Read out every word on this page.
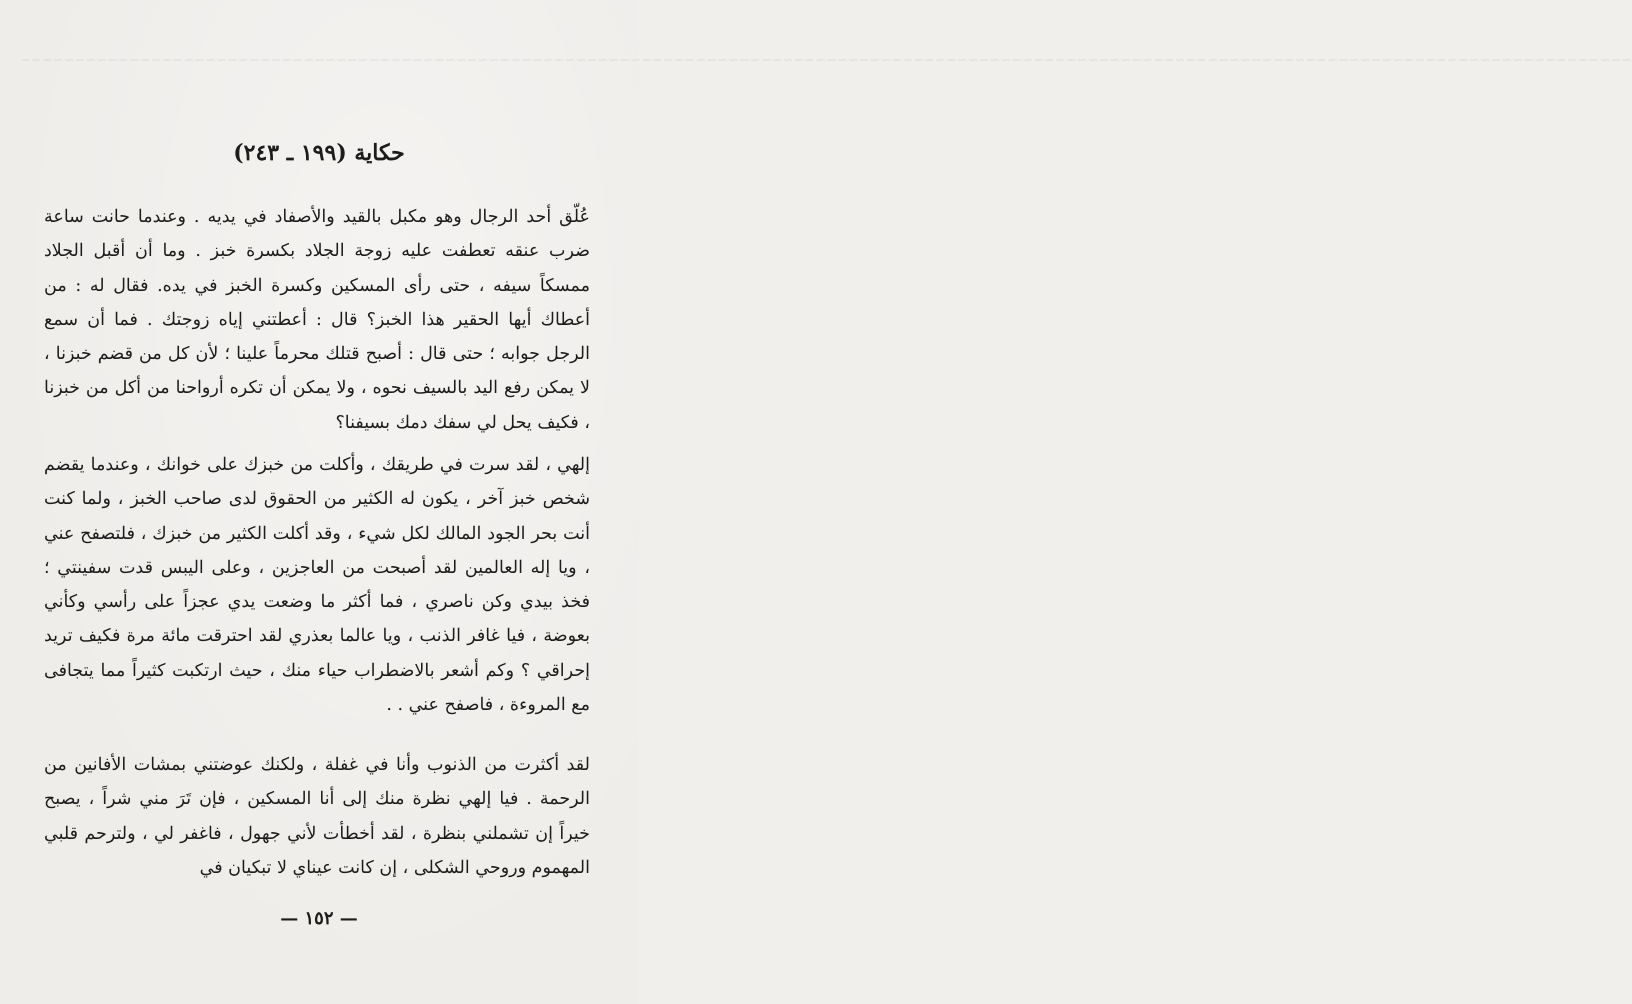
~~~~~~~~~~~~~~~~~~~~~~~~~~~~~~~~~~~~~~~~~~~~~~~~~~~~~~~~~~~~~~~~~~~~~~~~~~~~~~~~~~~~~~~~~~~~~~~~~~~~~~~~~~~~~~~~~~~~~~~~~~~~~~~~~~~~~~~~~~~~~~~~~~~~
حكاية (١٩٩ ـ ٢٤٣)
عُلّق أحد الرجال وهو مكبل بالقيد والأصفاد في يديه . وعندما حانت ساعة ضرب عنقه تعطفت عليه زوجة الجلاد بكسرة خبز . وما أن أقبل الجلاد ممسكاً سيفه ، حتى رأى المسكين وكسرة الخبز في يده. فقال له : من أعطاك أيها الحقير هذا الخبز؟ قال : أعطتني إياه زوجتك . فما أن سمع الرجل جوابه ؛ حتى قال : أصبح قتلك محرماً علينا ؛ لأن كل من قضم خبزنا ، لا يمكن رفع اليد بالسيف نحوه ، ولا يمكن أن تكره أرواحنا من أكل من خبزنا ، فكيف يحل لي سفك دمك بسيفنا؟
إلهي ، لقد سرت في طريقك ، وأكلت من خبزك على خوانك ، وعندما يقضم شخص خبز آخر ، يكون له الكثير من الحقوق لدى صاحب الخبز ، ولما كنت أنت بحر الجود المالك لكل شيء ، وقد أكلت الكثير من خبزك ، فلتصفح عني ، ويا إله العالمين لقد أصبحت من العاجزين ، وعلى اليبس قدت سفينتي ؛ فخذ بيدي وكن ناصري ، فما أكثر ما وضعت يدي عجزاً على رأسي وكأني بعوضة ، فيا غافر الذنب ، ويا عالما بعذري لقد احترقت مائة مرة فكيف تريد إحراقي ؟ وكم أشعر بالاضطراب حياء منك ، حيث ارتكبت كثيراً مما يتجافى مع المروءة ، فاصفح عني . .
لقد أكثرت من الذنوب وأنا في غفلة ، ولكنك عوضتني بمشات الأفانين من الرحمة . فيا إلهي نظرة منك إلى أنا المسكين ، فإن تَرَ مني شراً ، يصبح خيراً إن تشملني بنظرة ، لقد أخطأت لأني جهول ، فاغفر لي ، ولترحم قلبي المهموم وروحي الشكلى ، إن كانت عيناي لا تبكيان في
— ١٥٢ —
